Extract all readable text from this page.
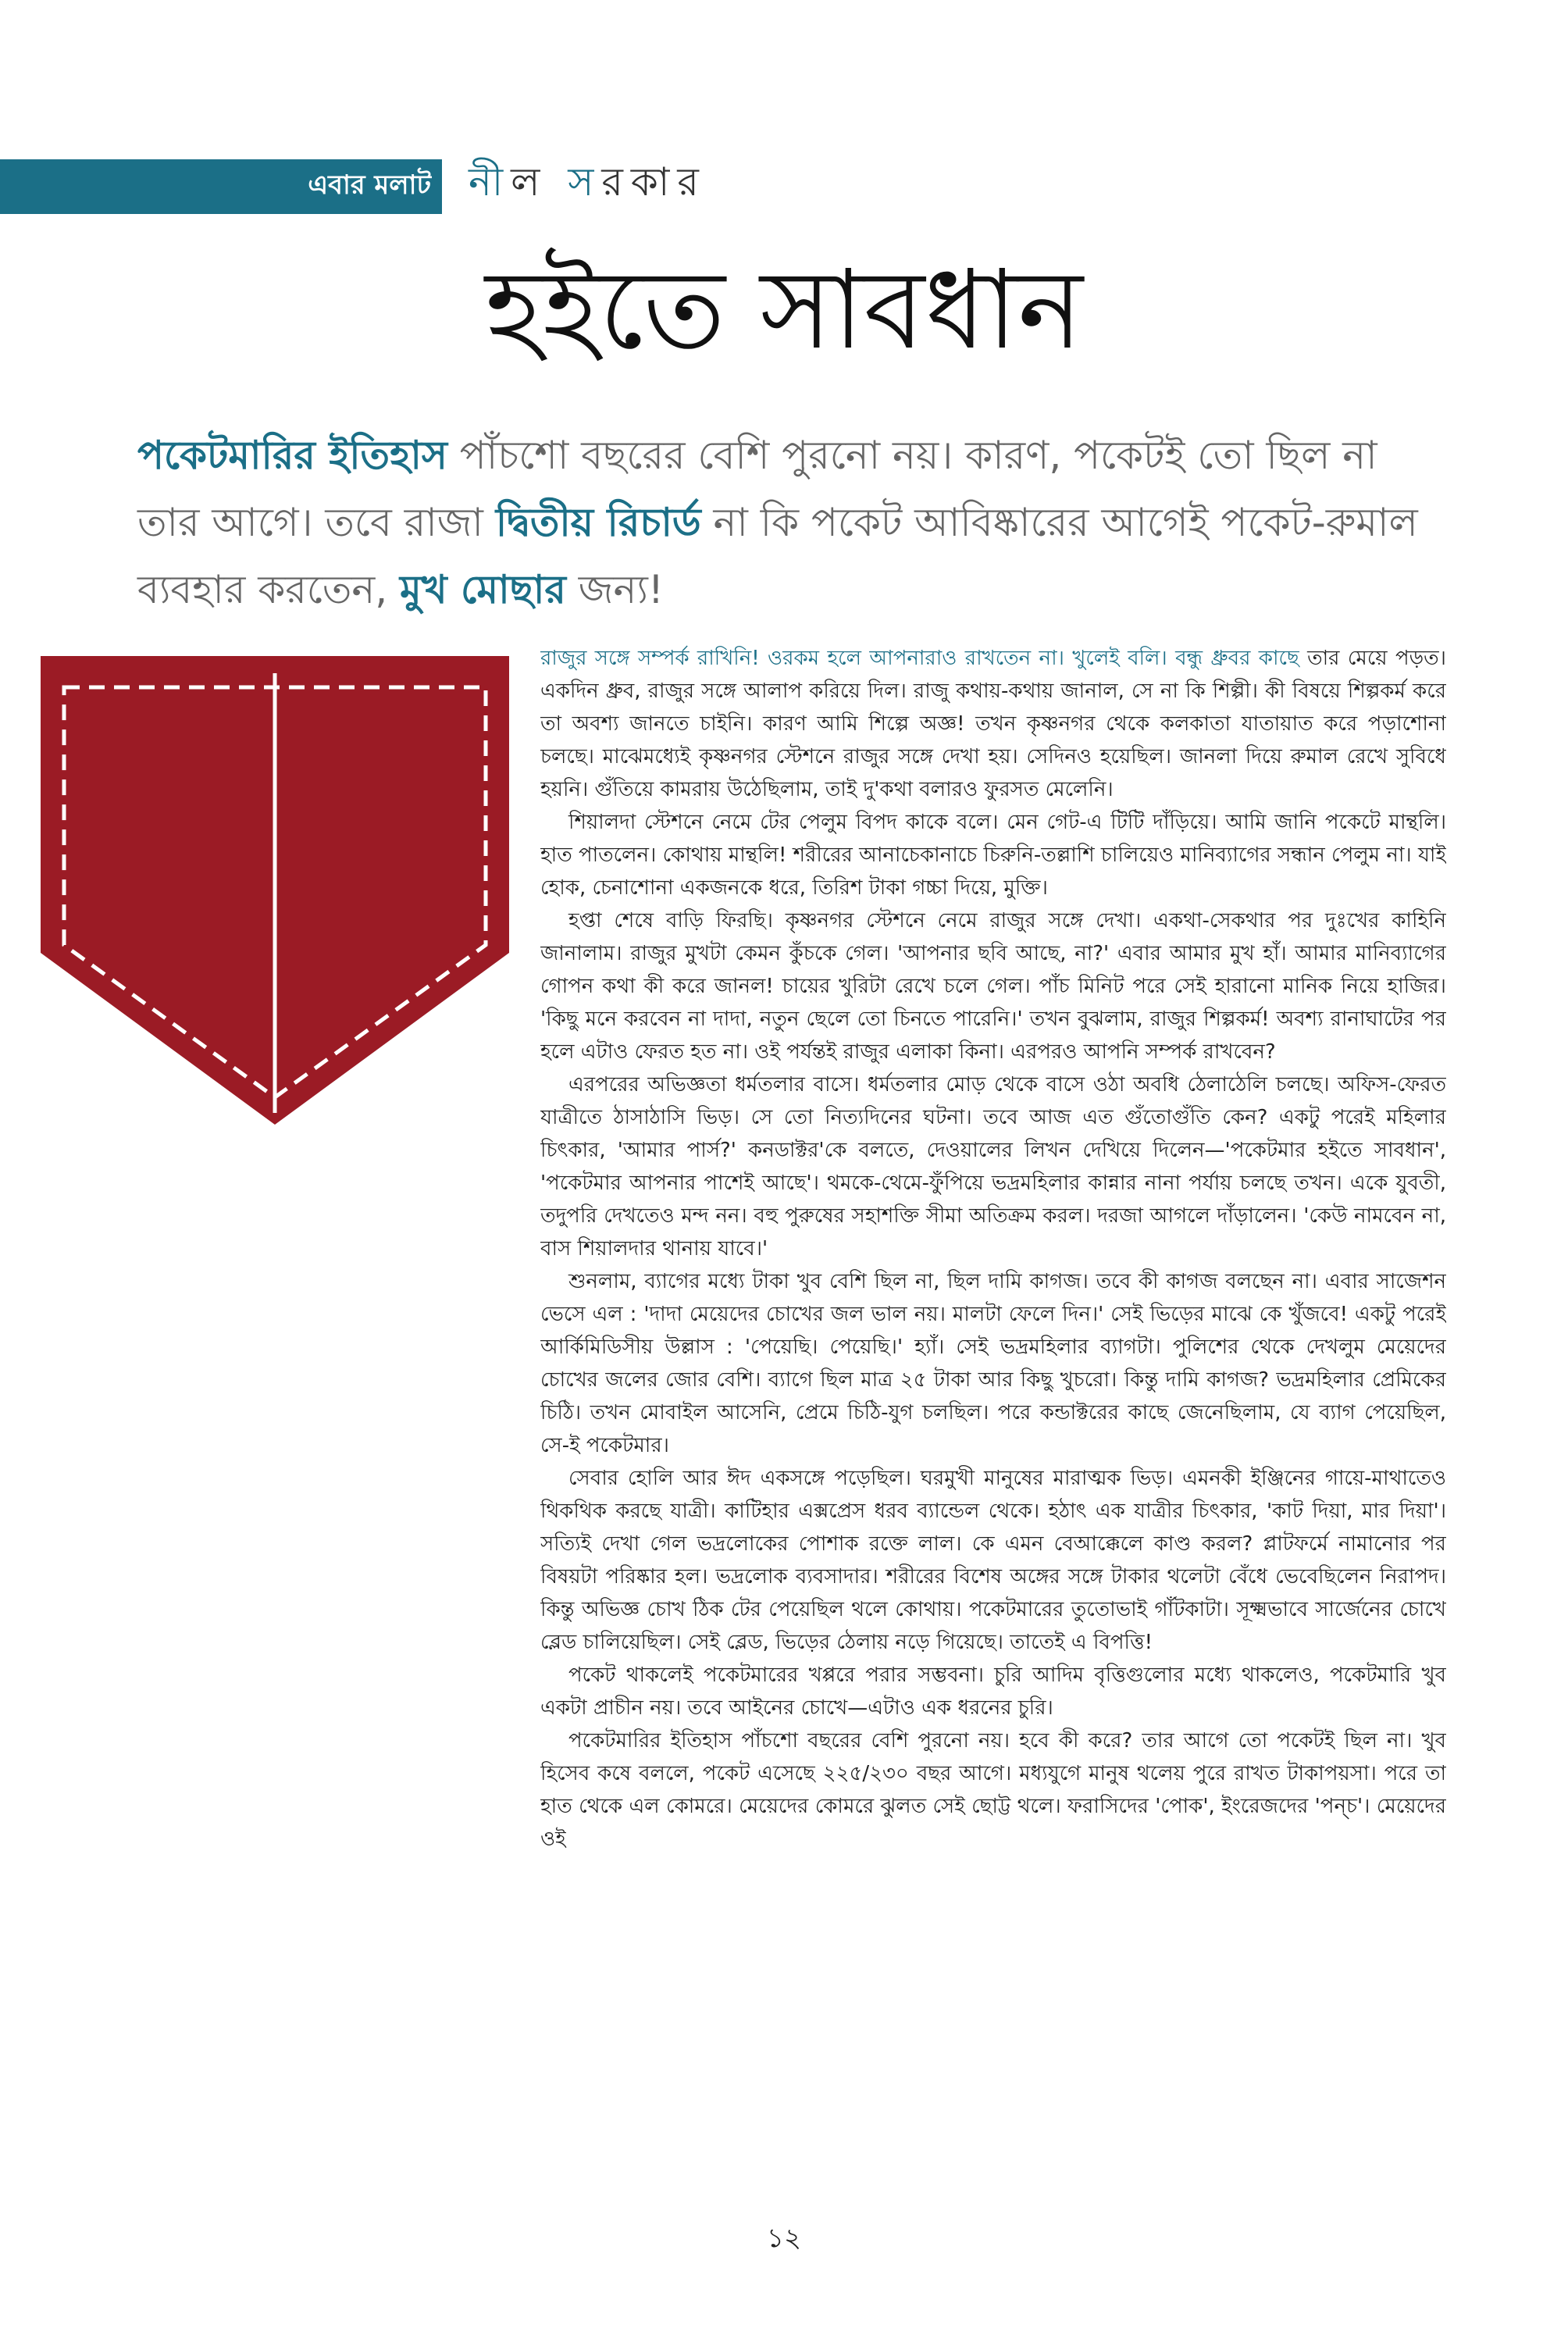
এবার মলাট নীল সরকার
হইতে সাবধান
পকেটমারির ইতিহাস পাঁচশো বছরের বেশি পুরনো নয়। কারণ, পকেটই তো ছিল না তার আগে। তবে রাজা দ্বিতীয় রিচার্ড না কি পকেট আবিষ্কারের আগেই পকেট-রুমাল ব্যবহার করতেন, মুখ মোছার জন্য!

রাজুর সঙ্গে সম্পর্ক রাখিনি! ওরকম হলে আপনারাও রাখতেন না। খুলেই বলি। বন্ধু ধ্রুবর কাছে তার মেয়ে পড়ত। একদিন ধ্রুব, রাজুর সঙ্গে আলাপ করিয়ে দিল। রাজু কথায়-কথায় জানাল, সে না কি শিল্পী। কী বিষয়ে শিল্পকর্ম করে তা অবশ্য জানতে চাইনি। কারণ আমি শিল্পে অজ্ঞ! তখন কৃষ্ণনগর থেকে কলকাতা যাতায়াত করে পড়াশোনা চলছে। মাঝেমধ্যেই কৃষ্ণনগর স্টেশনে রাজুর সঙ্গে দেখা হয়। সেদিনও হয়েছিল। জানলা দিয়ে রুমাল রেখে সুবিধে হয়নি। গুঁতিয়ে কামরায় উঠেছিলাম, তাই দু'কথা বলারও ফুরসত মেলেনি।

শিয়ালদা স্টেশনে নেমে টের পেলুম বিপদ কাকে বলে। মেন গেট-এ টিটি দাঁড়িয়ে। আমি জানি পকেটে মান্থলি। হাত পাতলেন। কোথায় মান্থলি! শরীরের আনাচেকানাচে চিরুনি-তল্লাশি চালিয়েও মানিব্যাগের সন্ধান পেলুম না। যাই হোক, চেনাশোনা একজনকে ধরে, তিরিশ টাকা গচ্চা দিয়ে, মুক্তি।

হপ্তা শেষে বাড়ি ফিরছি। কৃষ্ণনগর স্টেশনে নেমে রাজুর সঙ্গে দেখা। একথা-সেকথার পর দুঃখের কাহিনি জানালাম। রাজুর মুখটা কেমন কুঁচকে গেল। 'আপনার ছবি আছে, না?' এবার আমার মুখ হাঁ। আমার মানিব্যাগের গোপন কথা কী করে জানল! চায়ের খুরিটা রেখে চলে গেল। পাঁচ মিনিট পরে সেই হারানো মানিক নিয়ে হাজির। 'কিছু মনে করবেন না দাদা, নতুন ছেলে তো চিনতে পারেনি।' তখন বুঝলাম, রাজুর শিল্পকর্ম! অবশ্য রানাঘাটের পর হলে এটাও ফেরত হত না। ওই পর্যন্তই রাজুর এলাকা কিনা। এরপরও আপনি সম্পর্ক রাখবেন?

এরপরের অভিজ্ঞতা ধর্মতলার বাসে। ধর্মতলার মোড় থেকে বাসে ওঠা অবধি ঠেলাঠেলি চলছে। অফিস-ফেরত যাত্রীতে ঠাসাঠাসি ভিড়। সে তো নিত্যদিনের ঘটনা। তবে আজ এত গুঁতোগুঁতি কেন? একটু পরেই মহিলার চিৎকার, 'আমার পার্স?' কনডাক্টর'কে বলতে, দেওয়ালের লিখন দেখিয়ে দিলেন—'পকেটমার হইতে সাবধান', 'পকেটমার আপনার পাশেই আছে'। থমকে-থেমে-ফুঁপিয়ে ভদ্রমহিলার কান্নার নানা পর্যায় চলছে তখন। একে যুবতী, তদুপরি দেখতেও মন্দ নন। বহু পুরুষের সহাশক্তি সীমা অতিক্রম করল। দরজা আগলে দাঁড়ালেন। 'কেউ নামবেন না, বাস শিয়ালদার থানায় যাবে।'

শুনলাম, ব্যাগের মধ্যে টাকা খুব বেশি ছিল না, ছিল দামি কাগজ। তবে কী কাগজ বলছেন না। এবার সাজেশন ভেসে এল : 'দাদা মেয়েদের চোখের জল ভাল নয়। মালটা ফেলে দিন।' সেই ভিড়ের মাঝে কে খুঁজবে! একটু পরেই আর্কিমিডিসীয় উল্লাস : 'পেয়েছি। পেয়েছি।' হ্যাঁ। সেই ভদ্রমহিলার ব্যাগটা। পুলিশের থেকে দেখলুম মেয়েদের চোখের জলের জোর বেশি। ব্যাগে ছিল মাত্র ২৫ টাকা আর কিছু খুচরো। কিন্তু দামি কাগজ? ভদ্রমহিলার প্রেমিকের চিঠি। তখন মোবাইল আসেনি, প্রেমে চিঠি-যুগ চলছিল। পরে কন্ডাক্টরের কাছে জেনেছিলাম, যে ব্যাগ পেয়েছিল, সে-ই পকেটমার।

সেবার হোলি আর ঈদ একসঙ্গে পড়েছিল। ঘরমুখী মানুষের মারাত্মক ভিড়। এমনকী ইঞ্জিনের গায়ে-মাথাতেও থিকথিক করছে যাত্রী। কাটিহার এক্সপ্রেস ধরব ব্যান্ডেল থেকে। হঠাৎ এক যাত্রীর চিৎকার, 'কাট দিয়া, মার দিয়া'। সত্যিই দেখা গেল ভদ্রলোকের পোশাক রক্তে লাল। কে এমন বেআক্কেলে কাণ্ড করল? প্লাটফর্মে নামানোর পর বিষয়টা পরিষ্কার হল। ভদ্রলোক ব্যবসাদার। শরীরের বিশেষ অঙ্গের সঙ্গে টাকার থলেটা বেঁধে ভেবেছিলেন নিরাপদ। কিন্তু অভিজ্ঞ চোখ ঠিক টের পেয়েছিল থলে কোথায়। পকেটমারের তুতোভাই গাঁটকাটা। সূক্ষ্মভাবে সার্জেনের চোখে ব্লেড চালিয়েছিল। সেই ব্লেড, ভিড়ের ঠেলায় নড়ে গিয়েছে। তাতেই এ বিপত্তি!

পকেট থাকলেই পকেটমারের খপ্পরে পরার সম্ভবনা। চুরি আদিম বৃত্তিগুলোর মধ্যে থাকলেও, পকেটমারি খুব একটা প্রাচীন নয়। তবে আইনের চোখে—এটাও এক ধরনের চুরি।

পকেটমারির ইতিহাস পাঁচশো বছরের বেশি পুরনো নয়। হবে কী করে? তার আগে তো পকেটই ছিল না। খুব হিসেব কষে বললে, পকেট এসেছে ২২৫/২৩০ বছর আগে। মধ্যযুগে মানুষ থলেয় পুরে রাখত টাকাপয়সা। পরে তা হাত থেকে এল কোমরে। মেয়েদের কোমরে ঝুলত সেই ছোট্ট থলে। ফরাসিদের 'পোক', ইংরেজদের 'পন্চ'। মেয়েদের ওই

১২
